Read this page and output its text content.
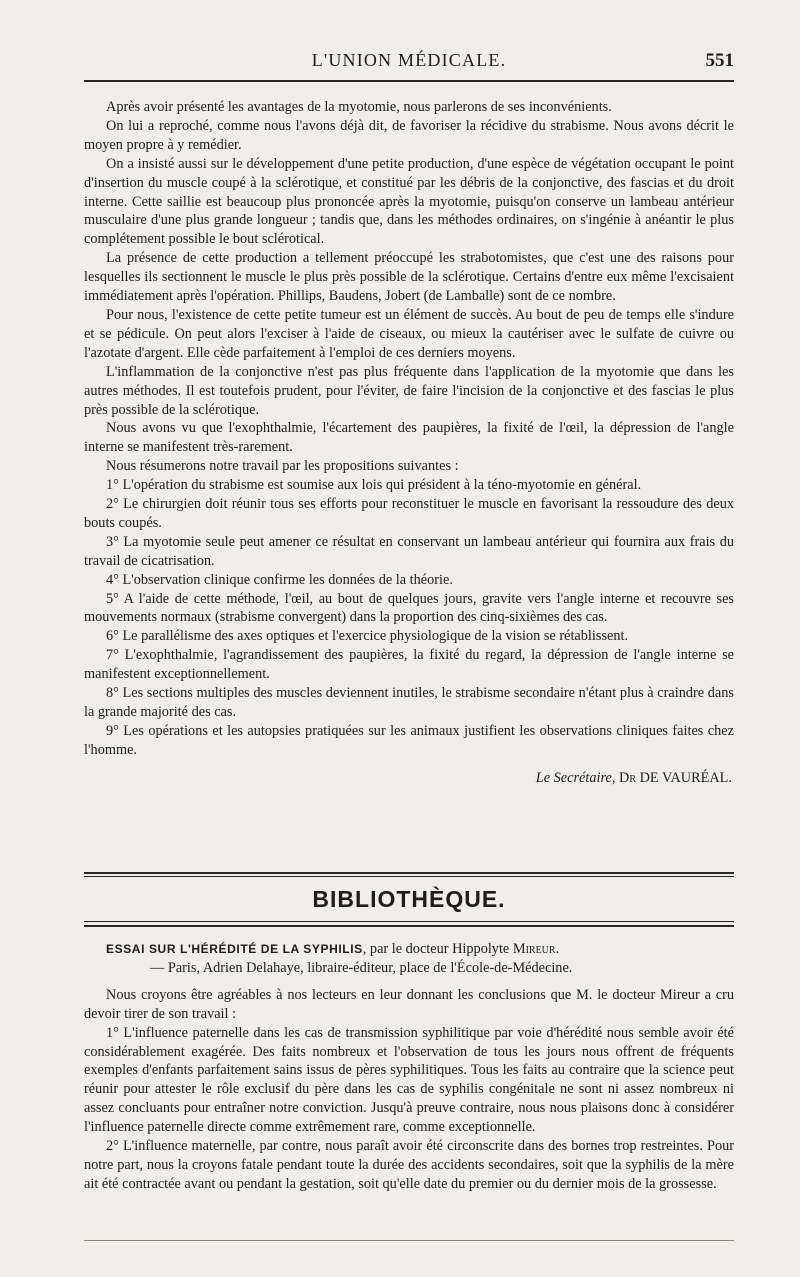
L'UNION MÉDICALE.	551

Après avoir présenté les avantages de la myotomie, nous parlerons de ses inconvénients.

On lui a reproché, comme nous l'avons déjà dit, de favoriser la récidive du strabisme. Nous avons décrit le moyen propre à y remédier.

On a insisté aussi sur le développement d'une petite production, d'une espèce de végétation occupant le point d'insertion du muscle coupé à la sclérotique, et constitué par les débris de la conjonctive, des fascias et du droit interne. Cette saillie est beaucoup plus prononcée après la myotomie, puisqu'on conserve un lambeau antérieur musculaire d'une plus grande longueur ; tandis que, dans les méthodes ordinaires, on s'ingénie à anéantir le plus complétement possible le bout sclérotical.

La présence de cette production a tellement préoccupé les strabotomistes, que c'est une des raisons pour lesquelles ils sectionnent le muscle le plus près possible de la sclérotique. Certains d'entre eux même l'excisaient immédiatement après l'opération. Phillips, Baudens, Jobert (de Lamballe) sont de ce nombre.

Pour nous, l'existence de cette petite tumeur est un élément de succès. Au bout de peu de temps elle s'indure et se pédicule. On peut alors l'exciser à l'aide de ciseaux, ou mieux la cautériser avec le sulfate de cuivre ou l'azotate d'argent. Elle cède parfaitement à l'emploi de ces derniers moyens.

L'inflammation de la conjonctive n'est pas plus fréquente dans l'application de la myotomie que dans les autres méthodes. Il est toutefois prudent, pour l'éviter, de faire l'incision de la conjonctive et des fascias le plus près possible de la sclérotique.

Nous avons vu que l'exophthalmie, l'écartement des paupières, la fixité de l'œil, la dépression de l'angle interne se manifestent très-rarement.

Nous résumerons notre travail par les propositions suivantes :

1° L'opération du strabisme est soumise aux lois qui président à la téno-myotomie en général.

2° Le chirurgien doit réunir tous ses efforts pour reconstituer le muscle en favorisant la ressoudure des deux bouts coupés.

3° La myotomie seule peut amener ce résultat en conservant un lambeau antérieur qui fournira aux frais du travail de cicatrisation.

4° L'observation clinique confirme les données de la théorie.

5° A l'aide de cette méthode, l'œil, au bout de quelques jours, gravite vers l'angle interne et recouvre ses mouvements normaux (strabisme convergent) dans la proportion des cinq-sixièmes des cas.

6° Le parallélisme des axes optiques et l'exercice physiologique de la vision se rétablissent.

7° L'exophthalmie, l'agrandissement des paupières, la fixité du regard, la dépression de l'angle interne se manifestent exceptionnellement.

8° Les sections multiples des muscles deviennent inutiles, le strabisme secondaire n'étant plus à craindre dans la grande majorité des cas.

9° Les opérations et les autopsies pratiquées sur les animaux justifient les observations cliniques faites chez l'homme.

Le Secrétaire, Dr DE VAURÉAL.
BIBLIOTHÈQUE.

ESSAI SUR L'HÉRÉDITÉ DE LA SYPHILIS, par le docteur Hippolyte Mireur.
— Paris, Adrien Delahaye, libraire-éditeur, place de l'École-de-Médecine.

Nous croyons être agréables à nos lecteurs en leur donnant les conclusions que M. le docteur Mireur a cru devoir tirer de son travail :

1° L'influence paternelle dans les cas de transmission syphilitique par voie d'hérédité nous semble avoir été considérablement exagérée. Des faits nombreux et l'observation de tous les jours nous offrent de fréquents exemples d'enfants parfaitement sains issus de pères syphilitiques. Tous les faits au contraire que la science peut réunir pour attester le rôle exclusif du père dans les cas de syphilis congénitale ne sont ni assez nombreux ni assez concluants pour entraîner notre conviction. Jusqu'à preuve contraire, nous nous plaisons donc à considérer l'influence paternelle directe comme extrêmement rare, comme exceptionnelle.

2° L'influence maternelle, par contre, nous paraît avoir été circonscrite dans des bornes trop restreintes. Pour notre part, nous la croyons fatale pendant toute la durée des accidents secondaires, soit que la syphilis de la mère ait été contractée avant ou pendant la gestation, soit qu'elle date du premier ou du dernier mois de la grossesse.
